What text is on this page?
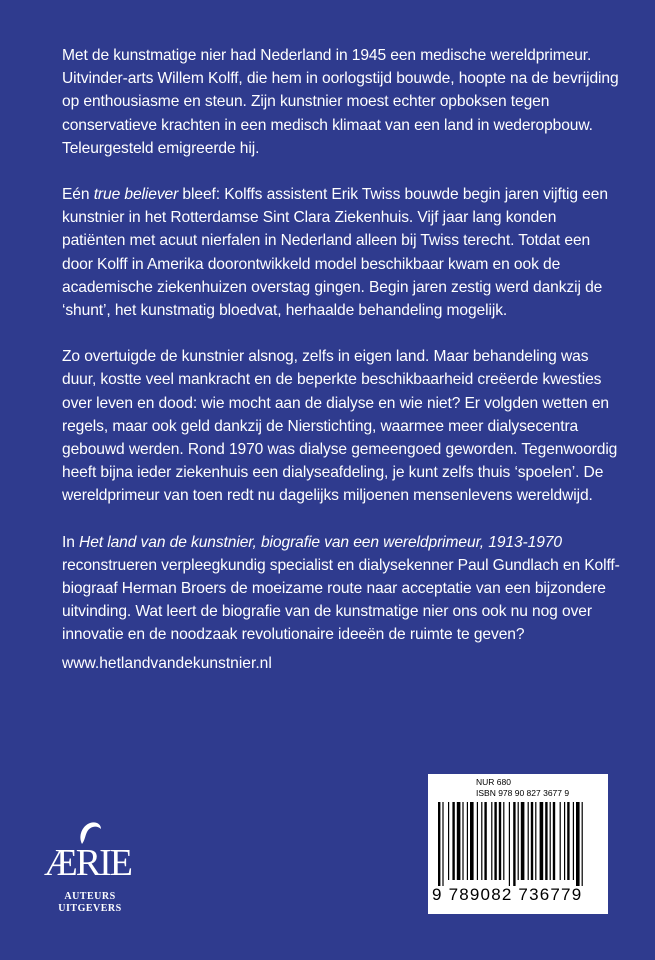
Met de kunstmatige nier had Nederland in 1945 een medische wereldprimeur. Uitvinder-arts Willem Kolff, die hem in oorlogstijd bouwde, hoopte na de bevrijding op enthousiasme en steun. Zijn kunstnier moest echter opboksen tegen conservatieve krachten in een medisch klimaat van een land in wederopbouw. Teleurgesteld emigreerde hij.

Eén true believer bleef: Kolffs assistent Erik Twiss bouwde begin jaren vijftig een kunstnier in het Rotterdamse Sint Clara Ziekenhuis. Vijf jaar lang konden patiënten met acuut nierfalen in Nederland alleen bij Twiss terecht. Totdat een door Kolff in Amerika doorontwikkeld model beschikbaar kwam en ook de academische ziekenhuizen overstag gingen. Begin jaren zestig werd dankzij de ‘shunt’, het kunstmatig bloedvat, herhaalde behandeling mogelijk.

Zo overtuigde de kunstnier alsnog, zelfs in eigen land. Maar behandeling was duur, kostte veel mankracht en de beperkte beschikbaarheid creëerde kwesties over leven en dood: wie mocht aan de dialyse en wie niet? Er volgden wetten en regels, maar ook geld dankzij de Nierstichting, waarmee meer dialysecentra gebouwd werden. Rond 1970 was dialyse gemeengoed geworden. Tegenwoordig heeft bijna ieder ziekenhuis een dialyseafdeling, je kunt zelfs thuis ‘spoelen’. De wereldprimeur van toen redt nu dagelijks miljoenen mensenlevens wereldwijd.

In Het land van de kunstnier, biografie van een wereldprimeur, 1913-1970 reconstrueren verpleegkundig specialist en dialysekenner Paul Gundlach en Kolff-biograaf Herman Broers de moeizame route naar acceptatie van een bijzondere uitvinding. Wat leert de biografie van de kunstmatige nier ons ook nu nog over innovatie en de noodzaak revolutionaire ideeën de ruimte te geven?

www.hetlandvandekunstnier.nl
ÆRIE
AUTEURS
UITGEVERS
NUR 680
ISBN 978 90 827 3677 9
9 789082 736779
